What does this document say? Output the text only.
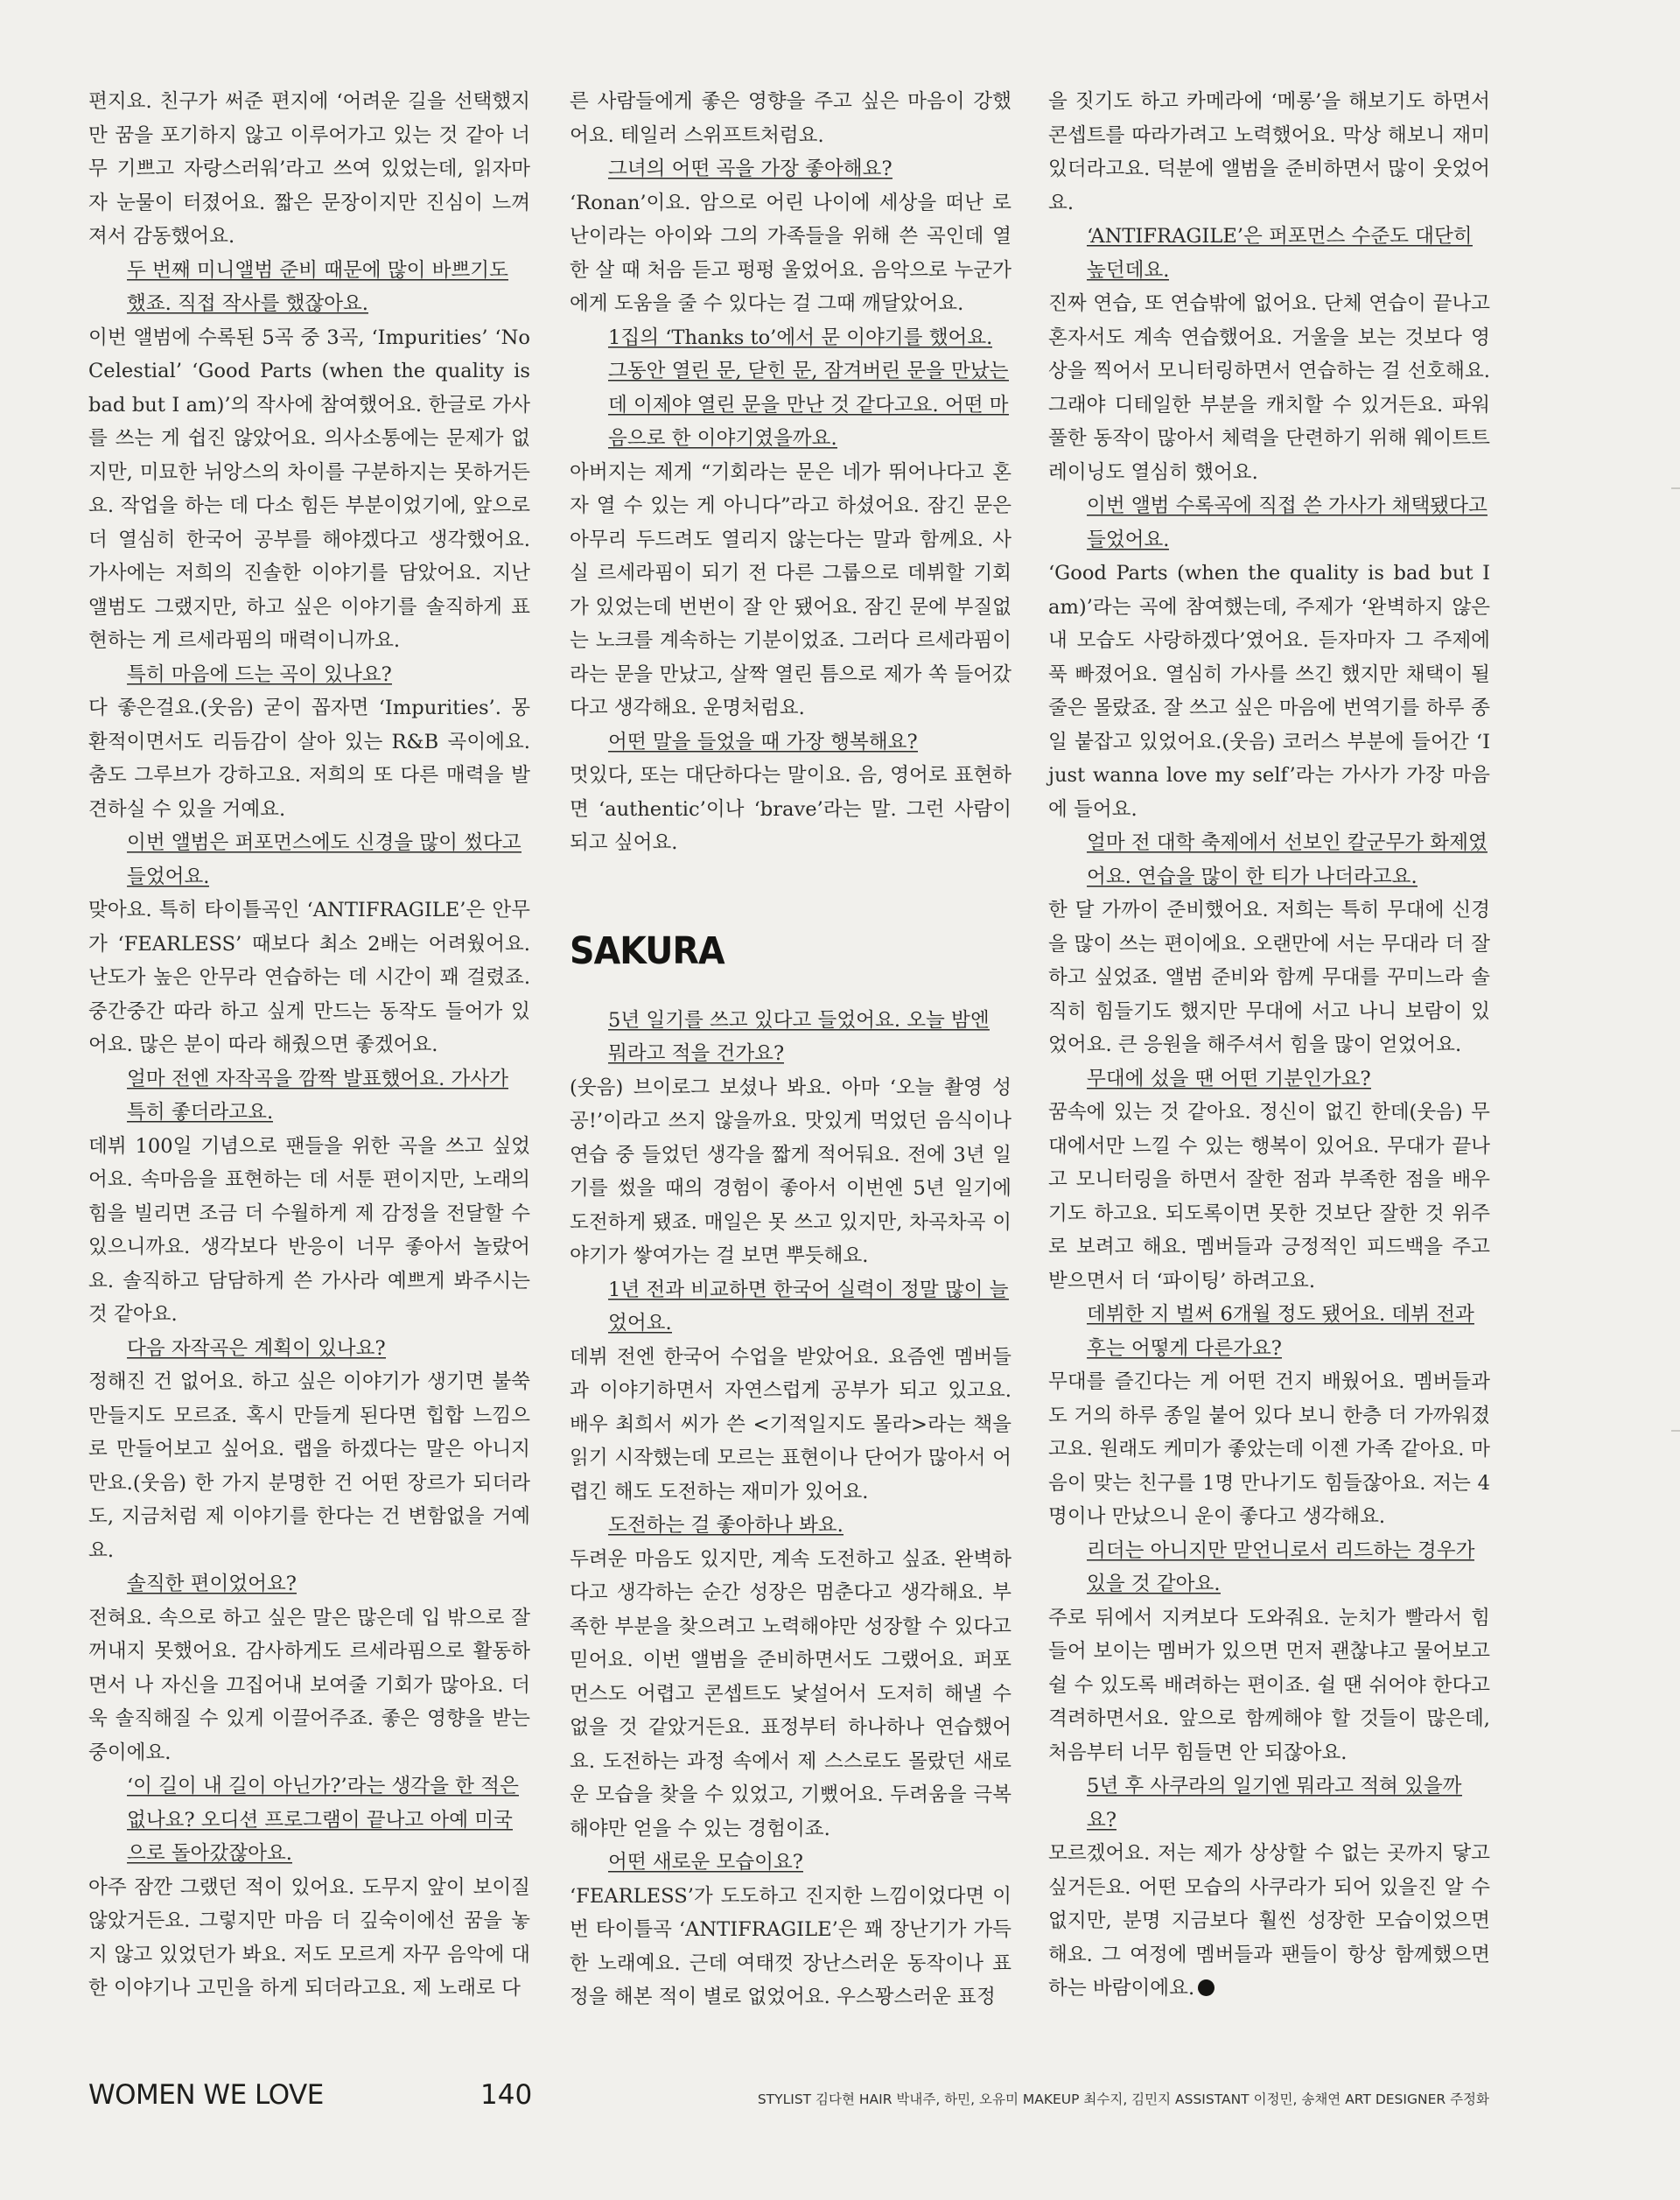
편지요. 친구가 써준 편지에 ‘어려운 길을 선택했지만 꿈을 포기하지 않고 이루어가고 있는 것 같아 너무 기쁘고 자랑스러워’라고 쓰여 있었는데, 읽자마자 눈물이 터졌어요. 짧은 문장이지만 진심이 느껴져서 감동했어요.

두 번째 미니앨범 준비 때문에 많이 바쁘기도 했죠. 직접 작사를 했잖아요.

이번 앨범에 수록된 5곡 중 3곡, ‘Impurities’ ‘No Celestial’ ‘Good Parts (when the quality is bad but I am)’의 작사에 참여했어요. 한글로 가사를 쓰는 게 쉽진 않았어요. 의사소통에는 문제가 없지만, 미묘한 뉘앙스의 차이를 구분하지는 못하거든요. 작업을 하는 데 다소 힘든 부분이었기에, 앞으로 더 열심히 한국어 공부를 해야겠다고 생각했어요. 가사에는 저희의 진솔한 이야기를 담았어요. 지난 앨범도 그랬지만, 하고 싶은 이야기를 솔직하게 표현하는 게 르세라핌의 매력이니까요.

특히 마음에 드는 곡이 있나요?

다 좋은걸요.(웃음) 굳이 꼽자면 ‘Impurities’. 몽환적이면서도 리듬감이 살아 있는 R&B 곡이에요. 춤도 그루브가 강하고요. 저희의 또 다른 매력을 발견하실 수 있을 거예요.

이번 앨범은 퍼포먼스에도 신경을 많이 썼다고 들었어요.

맞아요. 특히 타이틀곡인 ‘ANTIFRAGILE’은 안무가 ‘FEARLESS’ 때보다 최소 2배는 어려웠어요. 난도가 높은 안무라 연습하는 데 시간이 꽤 걸렸죠. 중간중간 따라 하고 싶게 만드는 동작도 들어가 있어요. 많은 분이 따라 해줬으면 좋겠어요.

얼마 전엔 자작곡을 깜짝 발표했어요. 가사가 특히 좋더라고요.

데뷔 100일 기념으로 팬들을 위한 곡을 쓰고 싶었어요. 속마음을 표현하는 데 서툰 편이지만, 노래의 힘을 빌리면 조금 더 수월하게 제 감정을 전달할 수 있으니까요. 생각보다 반응이 너무 좋아서 놀랐어요. 솔직하고 담담하게 쓴 가사라 예쁘게 봐주시는 것 같아요.

다음 자작곡은 계획이 있나요?

정해진 건 없어요. 하고 싶은 이야기가 생기면 불쑥 만들지도 모르죠. 혹시 만들게 된다면 힙합 느낌으로 만들어보고 싶어요. 랩을 하겠다는 말은 아니지만요.(웃음) 한 가지 분명한 건 어떤 장르가 되더라도, 지금처럼 제 이야기를 한다는 건 변함없을 거예요.

솔직한 편이었어요?

전혀요. 속으로 하고 싶은 말은 많은데 입 밖으로 잘 꺼내지 못했어요. 감사하게도 르세라핌으로 활동하면서 나 자신을 끄집어내 보여줄 기회가 많아요. 더욱 솔직해질 수 있게 이끌어주죠. 좋은 영향을 받는 중이에요.

‘이 길이 내 길이 아닌가?’라는 생각을 한 적은 없나요? 오디션 프로그램이 끝나고 아예 미국으로 돌아갔잖아요.

아주 잠깐 그랬던 적이 있어요. 도무지 앞이 보이질 않았거든요. 그렇지만 마음 더 깊숙이에선 꿈을 놓지 않고 있었던가 봐요. 저도 모르게 자꾸 음악에 대한 이야기나 고민을 하게 되더라고요. 제 노래로 다

른 사람들에게 좋은 영향을 주고 싶은 마음이 강했어요. 테일러 스위프트처럼요.

그녀의 어떤 곡을 가장 좋아해요?

‘Ronan’이요. 암으로 어린 나이에 세상을 떠난 로난이라는 아이와 그의 가족들을 위해 쓴 곡인데 열한 살 때 처음 듣고 펑펑 울었어요. 음악으로 누군가에게 도움을 줄 수 있다는 걸 그때 깨달았어요.

1집의 ‘Thanks to’에서 문 이야기를 했어요. 그동안 열린 문, 닫힌 문, 잠겨버린 문을 만났는데 이제야 열린 문을 만난 것 같다고요. 어떤 마음으로 한 이야기였을까요.

아버지는 제게 “기회라는 문은 네가 뛰어나다고 혼자 열 수 있는 게 아니다”라고 하셨어요. 잠긴 문은 아무리 두드려도 열리지 않는다는 말과 함께요. 사실 르세라핌이 되기 전 다른 그룹으로 데뷔할 기회가 있었는데 번번이 잘 안 됐어요. 잠긴 문에 부질없는 노크를 계속하는 기분이었죠. 그러다 르세라핌이라는 문을 만났고, 살짝 열린 틈으로 제가 쏙 들어갔다고 생각해요. 운명처럼요.

어떤 말을 들었을 때 가장 행복해요?

멋있다, 또는 대단하다는 말이요. 음, 영어로 표현하면 ‘authentic’이나 ‘brave’라는 말. 그런 사람이 되고 싶어요.

SAKURA

5년 일기를 쓰고 있다고 들었어요. 오늘 밤엔 뭐라고 적을 건가요?

(웃음) 브이로그 보셨나 봐요. 아마 ‘오늘 촬영 성공!’이라고 쓰지 않을까요. 맛있게 먹었던 음식이나 연습 중 들었던 생각을 짧게 적어둬요. 전에 3년 일기를 썼을 때의 경험이 좋아서 이번엔 5년 일기에 도전하게 됐죠. 매일은 못 쓰고 있지만, 차곡차곡 이야기가 쌓여가는 걸 보면 뿌듯해요.

1년 전과 비교하면 한국어 실력이 정말 많이 늘었어요.

데뷔 전엔 한국어 수업을 받았어요. 요즘엔 멤버들과 이야기하면서 자연스럽게 공부가 되고 있고요. 배우 최희서 씨가 쓴 <기적일지도 몰라>라는 책을 읽기 시작했는데 모르는 표현이나 단어가 많아서 어렵긴 해도 도전하는 재미가 있어요.

도전하는 걸 좋아하나 봐요.

두려운 마음도 있지만, 계속 도전하고 싶죠. 완벽하다고 생각하는 순간 성장은 멈춘다고 생각해요. 부족한 부분을 찾으려고 노력해야만 성장할 수 있다고 믿어요. 이번 앨범을 준비하면서도 그랬어요. 퍼포먼스도 어렵고 콘셉트도 낯설어서 도저히 해낼 수 없을 것 같았거든요. 표정부터 하나하나 연습했어요. 도전하는 과정 속에서 제 스스로도 몰랐던 새로운 모습을 찾을 수 있었고, 기뻤어요. 두려움을 극복해야만 얻을 수 있는 경험이죠.

어떤 새로운 모습이요?

‘FEARLESS’가 도도하고 진지한 느낌이었다면 이번 타이틀곡 ‘ANTIFRAGILE’은 꽤 장난기가 가득한 노래예요. 근데 여태껏 장난스러운 동작이나 표정을 해본 적이 별로 없었어요. 우스꽝스러운 표정

을 짓기도 하고 카메라에 ‘메롱’을 해보기도 하면서 콘셉트를 따라가려고 노력했어요. 막상 해보니 재미있더라고요. 덕분에 앨범을 준비하면서 많이 웃었어요.

‘ANTIFRAGILE’은 퍼포먼스 수준도 대단히 높던데요.

진짜 연습, 또 연습밖에 없어요. 단체 연습이 끝나고 혼자서도 계속 연습했어요. 거울을 보는 것보다 영상을 찍어서 모니터링하면서 연습하는 걸 선호해요. 그래야 디테일한 부분을 캐치할 수 있거든요. 파워풀한 동작이 많아서 체력을 단련하기 위해 웨이트트레이닝도 열심히 했어요.

이번 앨범 수록곡에 직접 쓴 가사가 채택됐다고 들었어요.

‘Good Parts (when the quality is bad but I am)’라는 곡에 참여했는데, 주제가 ‘완벽하지 않은 내 모습도 사랑하겠다’였어요. 듣자마자 그 주제에 푹 빠졌어요. 열심히 가사를 쓰긴 했지만 채택이 될 줄은 몰랐죠. 잘 쓰고 싶은 마음에 번역기를 하루 종일 붙잡고 있었어요.(웃음) 코러스 부분에 들어간 ‘I just wanna love my self’라는 가사가 가장 마음에 들어요.

얼마 전 대학 축제에서 선보인 칼군무가 화제였어요. 연습을 많이 한 티가 나더라고요.

한 달 가까이 준비했어요. 저희는 특히 무대에 신경을 많이 쓰는 편이에요. 오랜만에 서는 무대라 더 잘하고 싶었죠. 앨범 준비와 함께 무대를 꾸미느라 솔직히 힘들기도 했지만 무대에 서고 나니 보람이 있었어요. 큰 응원을 해주셔서 힘을 많이 얻었어요.

무대에 섰을 땐 어떤 기분인가요?

꿈속에 있는 것 같아요. 정신이 없긴 한데(웃음) 무대에서만 느낄 수 있는 행복이 있어요. 무대가 끝나고 모니터링을 하면서 잘한 점과 부족한 점을 배우기도 하고요. 되도록이면 못한 것보단 잘한 것 위주로 보려고 해요. 멤버들과 긍정적인 피드백을 주고받으면서 더 ‘파이팅’ 하려고요.

데뷔한 지 벌써 6개월 정도 됐어요. 데뷔 전과 후는 어떻게 다른가요?

무대를 즐긴다는 게 어떤 건지 배웠어요. 멤버들과 도 거의 하루 종일 붙어 있다 보니 한층 더 가까워졌고요. 원래도 케미가 좋았는데 이젠 가족 같아요. 마음이 맞는 친구를 1명 만나기도 힘들잖아요. 저는 4명이나 만났으니 운이 좋다고 생각해요.

리더는 아니지만 맏언니로서 리드하는 경우가 있을 것 같아요.

주로 뒤에서 지켜보다 도와줘요. 눈치가 빨라서 힘들어 보이는 멤버가 있으면 먼저 괜찮냐고 물어보고 쉴 수 있도록 배려하는 편이죠. 쉴 땐 쉬어야 한다고 격려하면서요. 앞으로 함께해야 할 것들이 많은데, 처음부터 너무 힘들면 안 되잖아요.

5년 후 사쿠라의 일기엔 뭐라고 적혀 있을까요?

모르겠어요. 저는 제가 상상할 수 없는 곳까지 닿고 싶거든요. 어떤 모습의 사쿠라가 되어 있을진 알 수 없지만, 분명 지금보다 훨씬 성장한 모습이었으면 해요. 그 여정에 멤버들과 팬들이 항상 함께했으면 하는 바람이에요.

WOMEN WE LOVE	140	STYLIST 김다현 HAIR 박내주, 하민, 오유미 MAKEUP 최수지, 김민지 ASSISTANT 이정민, 송채연 ART DESIGNER 주정화
